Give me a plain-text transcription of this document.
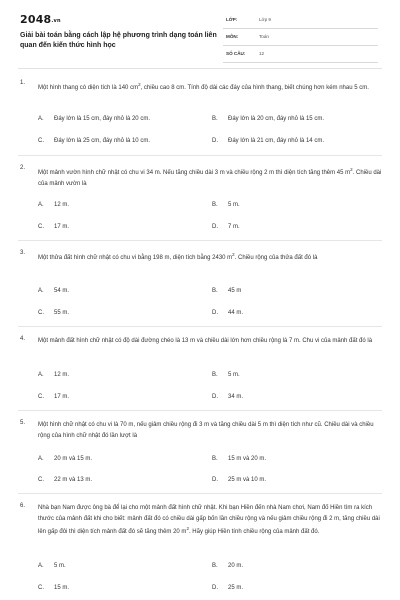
2048.vn
Giải bài toán bằng cách lập hệ phương trình dạng toán liên quan đến kiến thức hình học
LỚP:	Lớp 9
MÔN:	Toán
SỐ CÂU:	12
1.
Một hình thang có diện tích là 140 $cm^2$, chiều cao 8 cm. Tính độ dài các đáy của hình thang, biết chúng hơn kém nhau 5 cm.
A. Đáy lớn là 15 cm, đáy nhỏ là 20 cm.	B. Đáy lớn là 20 cm, đáy nhỏ là 15 cm.
C. Đáy lớn là 25 cm, đáy nhỏ là 10 cm.	D. Đáy lớn là 21 cm, đáy nhỏ là 14 cm.
2.
Một mảnh vườn hình chữ nhật có chu vi 34 m. Nếu tăng chiều dài 3 m và chiều rộng 2 m thì diện tích tăng thêm 45 $m^2$. Chiều dài của mảnh vườn là
A. 12 m.	B. 5 m.
C. 17 m.	D. 7 m.
3.
Một thửa đất hình chữ nhật có chu vi bằng 198 m, diện tích bằng 2430 $m^2$. Chiều rộng của thửa đất đó là
A. 54 m.	B. 45 m
C. 55 m.	D. 44 m.
4. Một mảnh đất hình chữ nhật có độ dài đường chéo là 13 m và chiều dài lớn hơn chiều rộng là 7 m. Chu vi của mảnh đất đó là
A. 12 m.	B. 5 m.
C. 17 m.	D. 34 m.
5. Một hình chữ nhật có chu vi là 70 m, nếu giảm chiều rộng đi 3 m và tăng chiều dài 5 m thì diện tích như cũ. Chiều dài và chiều rộng của hình chữ nhật đó lần lượt là
A. 20 m và 15 m.	B. 15 m và 20 m.
C. 22 m và 13 m.	D. 25 m và 10 m.
6. Nhà bạn Nam được ông bà để lại cho một mảnh đất hình chữ nhật. Khi bạn Hiền đến nhà Nam chơi, Nam đố Hiền tìm ra kích thước của mảnh đất khi cho biết: mảnh đất đó có chiều dài gấp bốn lần chiều rộng và nếu giảm chiều rộng đi 2 m, tăng chiều dài lên gấp đôi thì diện tích mảnh đất đó sẽ tăng thêm 20 $m^2$. Hãy giúp Hiền tính chiều rộng của mảnh đất đó.
A. 5 m.	B. 20 m.
C. 15 m.	D. 25 m.
